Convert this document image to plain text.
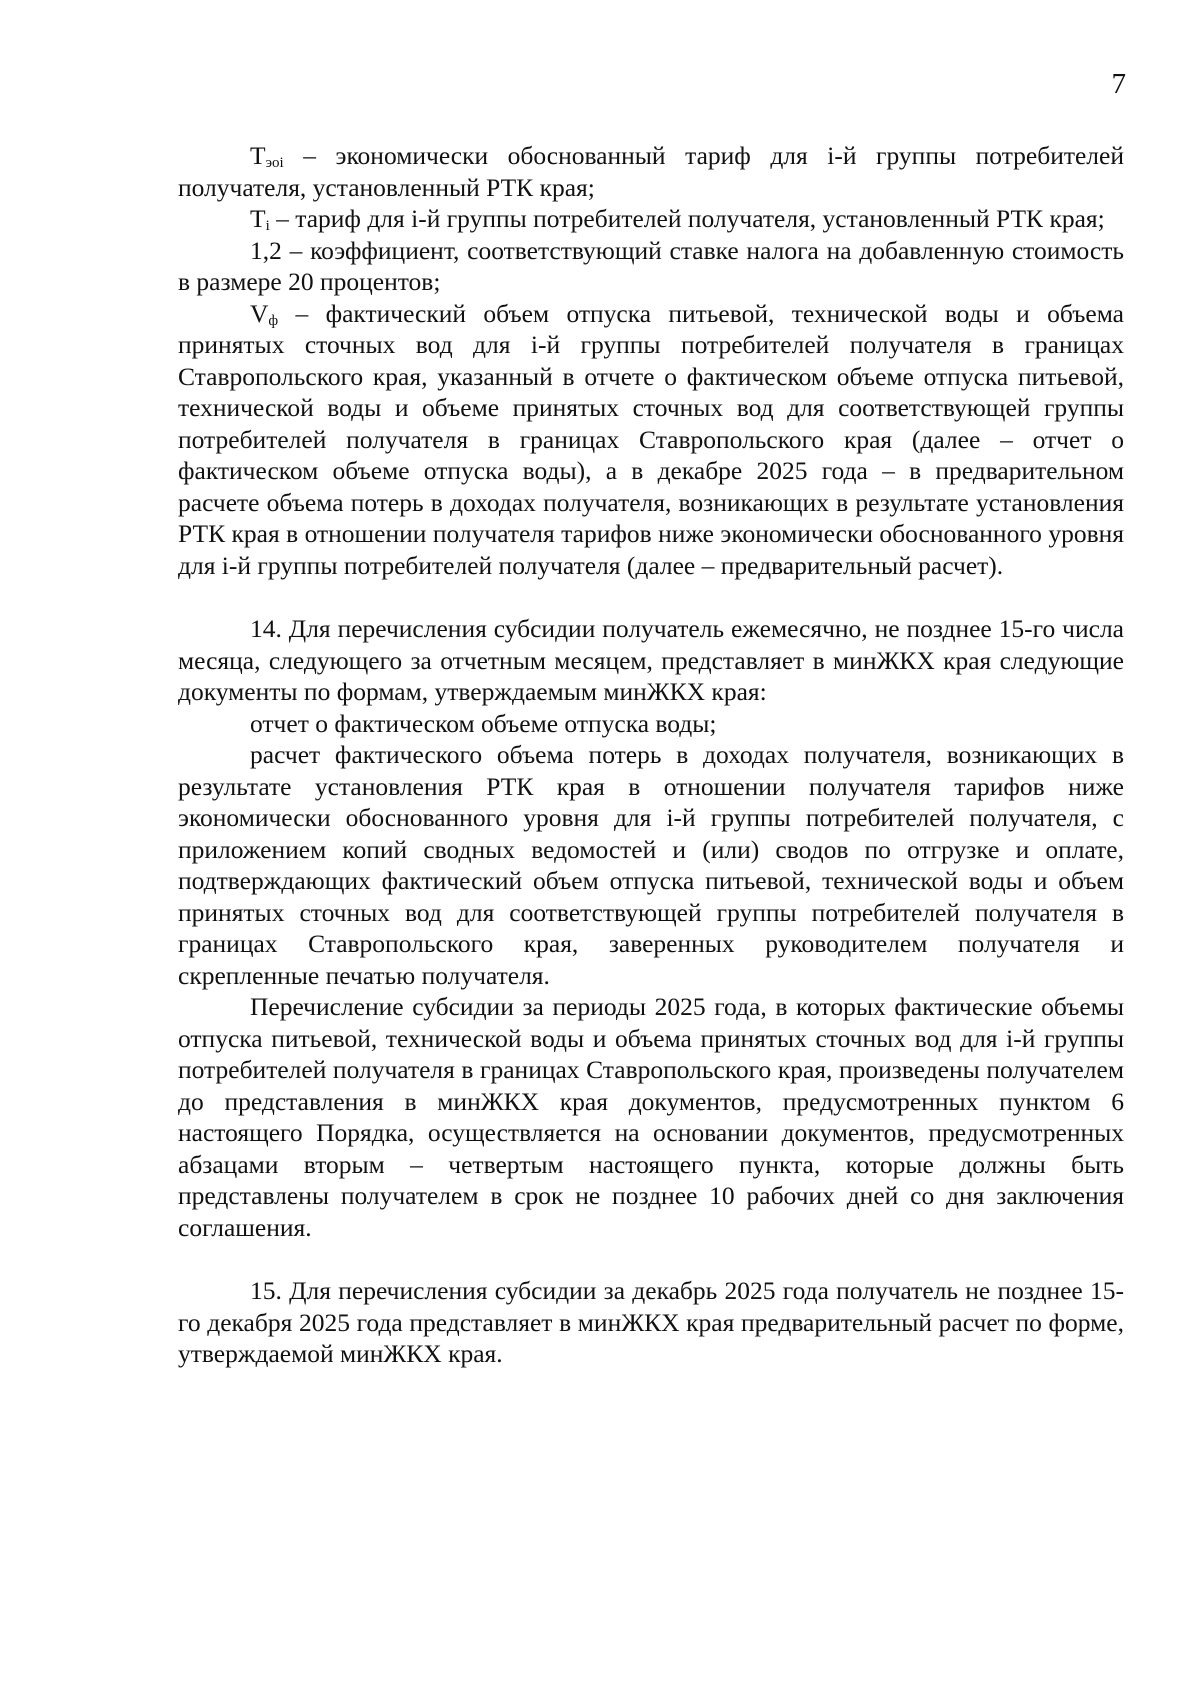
7

$Т_{эоi}$ – экономически обоснованный тариф для i-й группы потребителей получателя, установленный РТК края;

$Т_i$ – тариф для i-й группы потребителей получателя, установленный РТК края;

1,2 – коэффициент, соответствующий ставке налога на добавленную стоимость в размере 20 процентов;

$V_ф$ – фактический объем отпуска питьевой, технической воды и объема принятых сточных вод для i-й группы потребителей получателя в границах Ставропольского края, указанный в отчете о фактическом объеме отпуска питьевой, технической воды и объеме принятых сточных вод для соответствующей группы потребителей получателя в границах Ставропольского края (далее – отчет о фактическом объеме отпуска воды), а в декабре 2025 года – в предварительном расчете объема потерь в доходах получателя, возникающих в результате установления РТК края в отношении получателя тарифов ниже экономически обоснованного уровня для i-й группы потребителей получателя (далее – предварительный расчет).

14. Для перечисления субсидии получатель ежемесячно, не позднее 15-го числа месяца, следующего за отчетным месяцем, представляет в минЖКХ края следующие документы по формам, утверждаемым минЖКХ края:

отчет о фактическом объеме отпуска воды;

расчет фактического объема потерь в доходах получателя, возникающих в результате установления РТК края в отношении получателя тарифов ниже экономически обоснованного уровня для i-й группы потребителей получателя, с приложением копий сводных ведомостей и (или) сводов по отгрузке и оплате, подтверждающих фактический объем отпуска питьевой, технической воды и объем принятых сточных вод для соответствующей группы потребителей получателя в границах Ставропольского края, заверенных руководителем получателя и скрепленные печатью получателя.

Перечисление субсидии за периоды 2025 года, в которых фактические объемы отпуска питьевой, технической воды и объема принятых сточных вод для i-й группы потребителей получателя в границах Ставропольского края, произведены получателем до представления в минЖКХ края документов, предусмотренных пунктом 6 настоящего Порядка, осуществляется на основании документов, предусмотренных абзацами вторым – четвертым настоящего пункта, которые должны быть представлены получателем в срок не позднее 10 рабочих дней со дня заключения соглашения.

15. Для перечисления субсидии за декабрь 2025 года получатель не позднее 15-го декабря 2025 года представляет в минЖКХ края предварительный расчет по форме, утверждаемой минЖКХ края.
